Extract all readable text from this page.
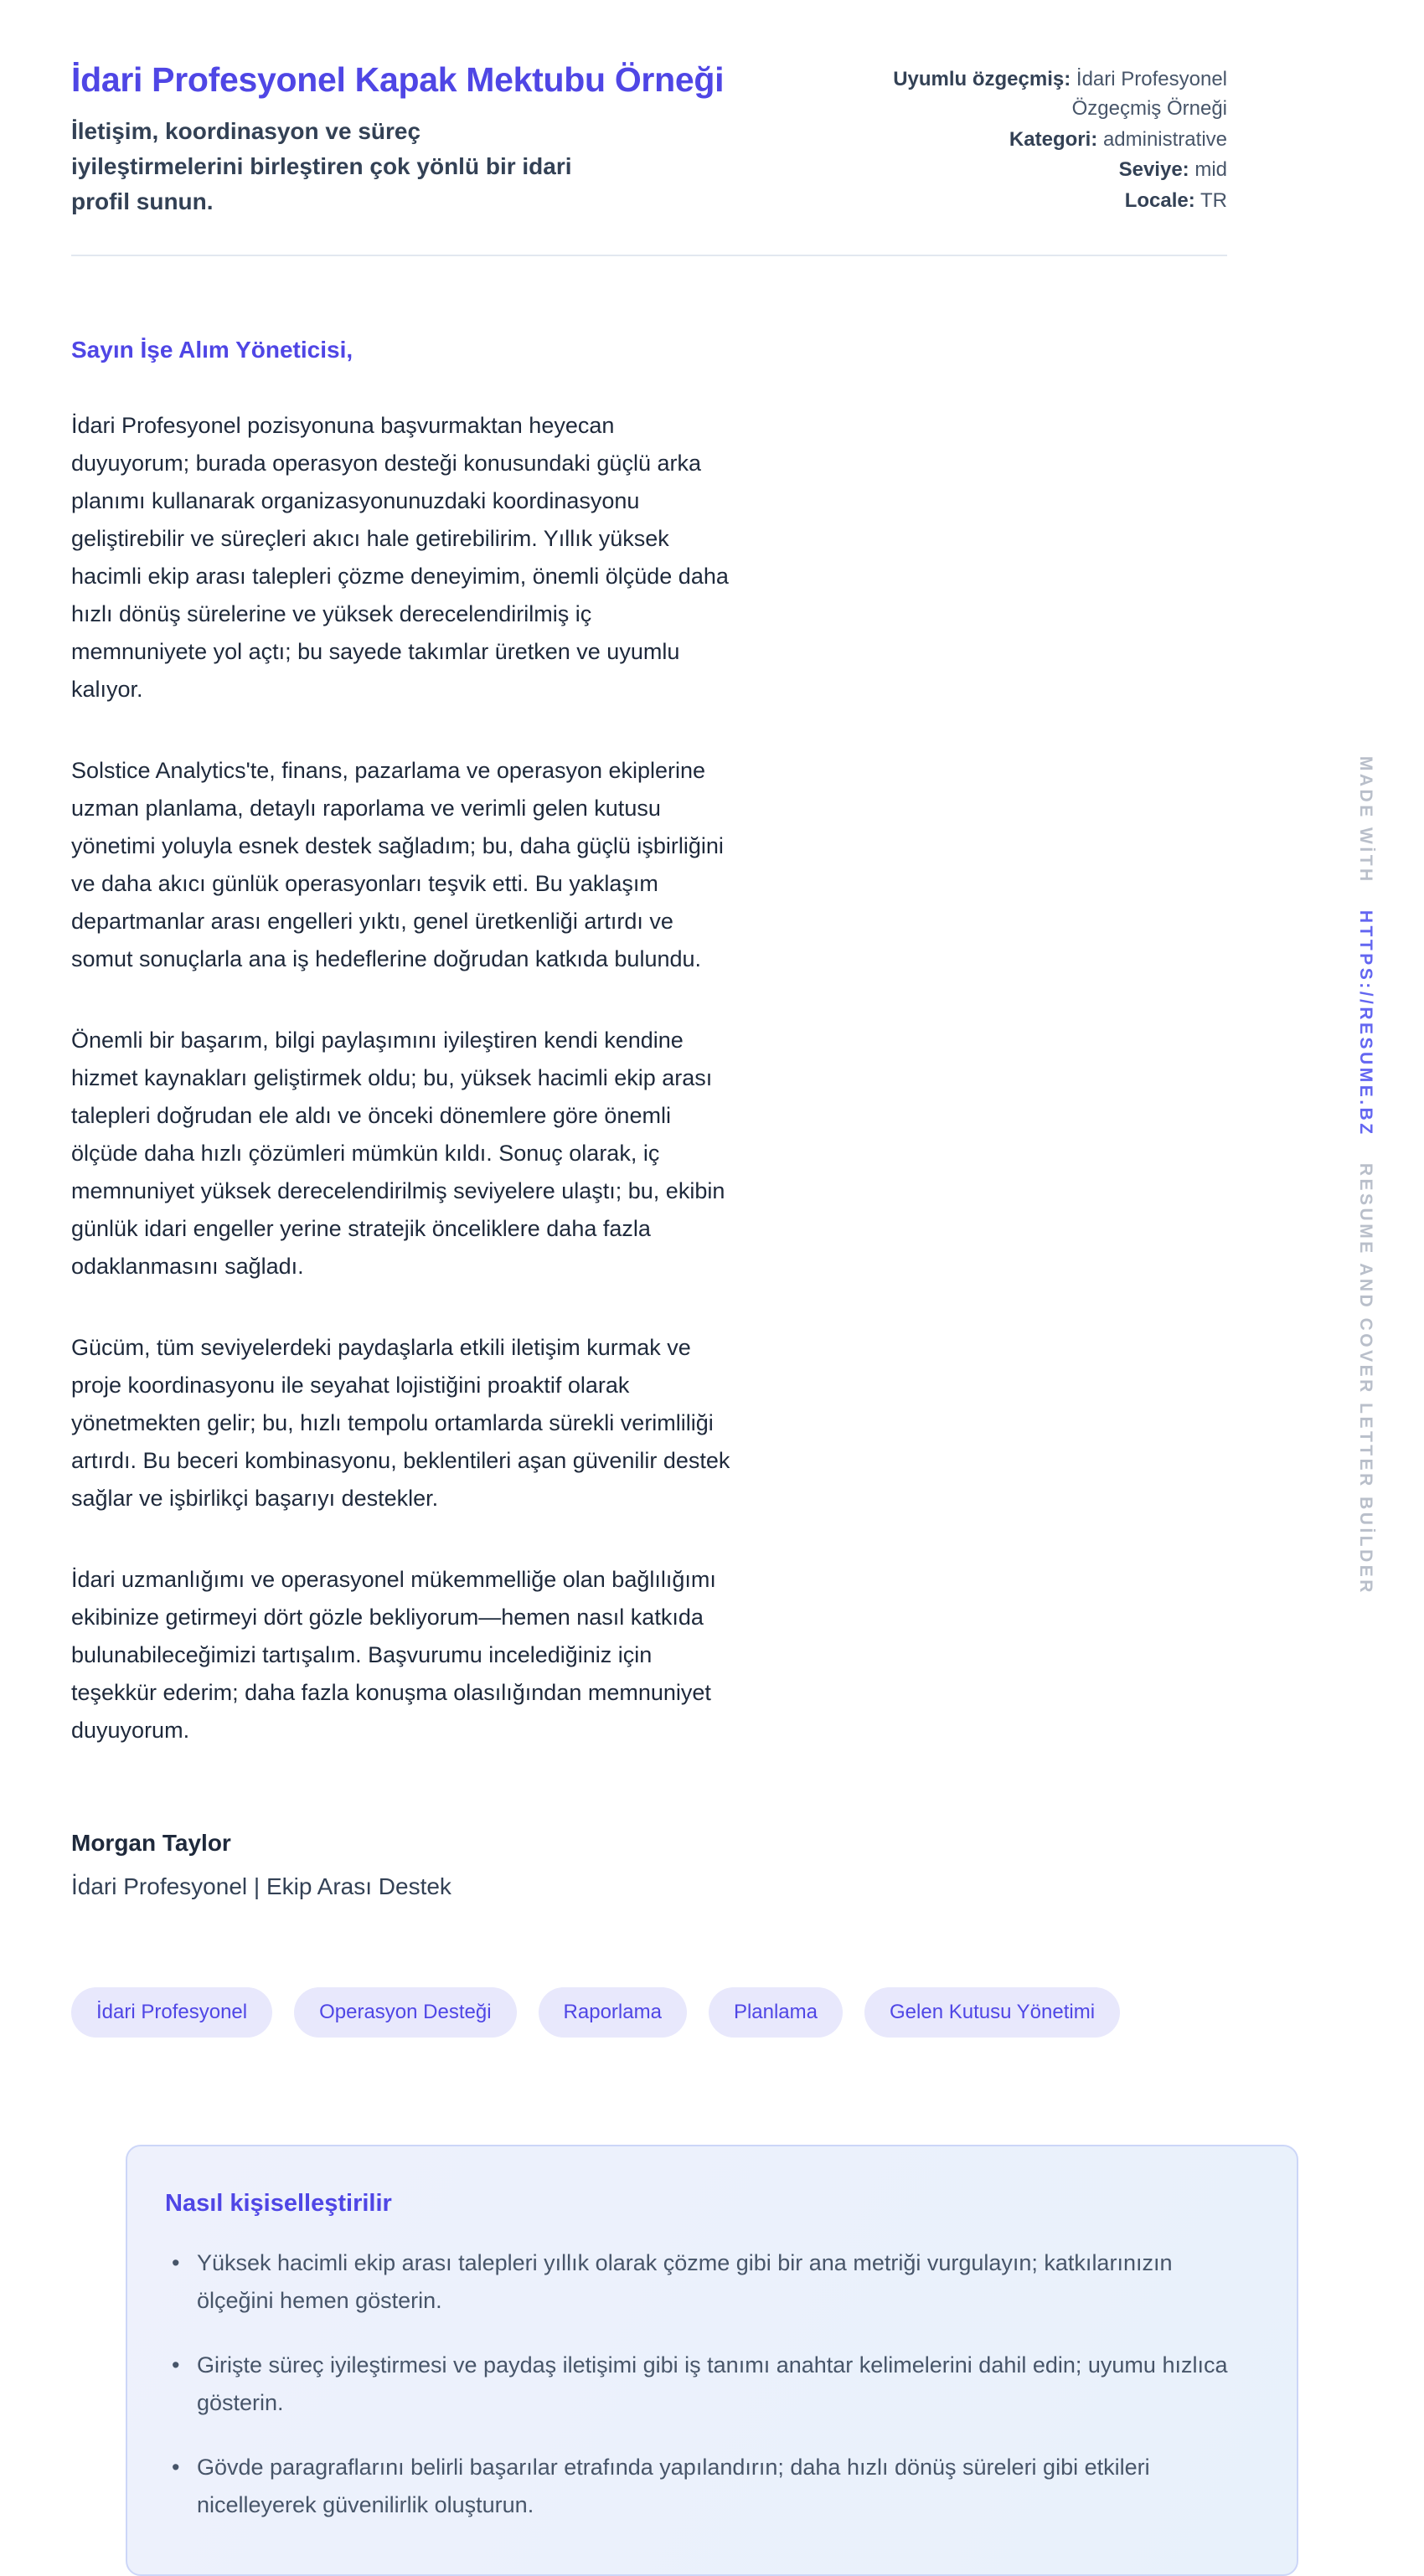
İdari Profesyonel Kapak Mektubu Örneği
İletişim, koordinasyon ve süreç iyileştirmelerini birleştiren çok yönlü bir idari profil sunun.
Uyumlu özgeçmiş: İdari Profesyonel Özgeçmiş Örneği
Kategori: administrative
Seviye: mid
Locale: TR
Sayın İşe Alım Yöneticisi,

İdari Profesyonel pozisyonuna başvurmaktan heyecan duyuyorum; burada operasyon desteği konusundaki güçlü arka planımı kullanarak organizasyonunuzdaki koordinasyonu geliştirebilir ve süreçleri akıcı hale getirebilirim. Yıllık yüksek hacimli ekip arası talepleri çözme deneyimim, önemli ölçüde daha hızlı dönüş sürelerine ve yüksek derecelendirilmiş iç memnuniyete yol açtı; bu sayede takımlar üretken ve uyumlu kalıyor.

Solstice Analytics'te, finans, pazarlama ve operasyon ekiplerine uzman planlama, detaylı raporlama ve verimli gelen kutusu yönetimi yoluyla esnek destek sağladım; bu, daha güçlü işbirliğini ve daha akıcı günlük operasyonları teşvik etti. Bu yaklaşım departmanlar arası engelleri yıktı, genel üretkenliği artırdı ve somut sonuçlarla ana iş hedeflerine doğrudan katkıda bulundu.

Önemli bir başarım, bilgi paylaşımını iyileştiren kendi kendine hizmet kaynakları geliştirmek oldu; bu, yüksek hacimli ekip arası talepleri doğrudan ele aldı ve önceki dönemlere göre önemli ölçüde daha hızlı çözümleri mümkün kıldı. Sonuç olarak, iç memnuniyet yüksek derecelendirilmiş seviyelere ulaştı; bu, ekibin günlük idari engeller yerine stratejik önceliklere daha fazla odaklanmasını sağladı.

Gücüm, tüm seviyelerdeki paydaşlarla etkili iletişim kurmak ve proje koordinasyonu ile seyahat lojistiğini proaktif olarak yönetmekten gelir; bu, hızlı tempolu ortamlarda sürekli verimliliği artırdı. Bu beceri kombinasyonu, beklentileri aşan güvenilir destek sağlar ve işbirlikçi başarıyı destekler.

İdari uzmanlığımı ve operasyonel mükemmelliğe olan bağlılığımı ekibinize getirmeyi dört gözle bekliyorum—hemen nasıl katkıda bulunabileceğimizi tartışalım. Başvurumu incelediğiniz için teşekkür ederim; daha fazla konuşma olasılığından memnuniyet duyuyorum.

Morgan Taylor
İdari Profesyonel | Ekip Arası Destek
İdari Profesyonel	Operasyon Desteği	Raporlama	Planlama	Gelen Kutusu Yönetimi
Nasıl kişiselleştirilir
• Yüksek hacimli ekip arası talepleri yıllık olarak çözme gibi bir ana metriği vurgulayın; katkılarınızın ölçeğini hemen gösterin.
• Girişte süreç iyileştirmesi ve paydaş iletişimi gibi iş tanımı anahtar kelimelerini dahil edin; uyumu hızlıca gösterin.
• Gövde paragraflarını belirli başarılar etrafında yapılandırın; daha hızlı dönüş süreleri gibi etkileri nicelleyerek güvenilirlik oluşturun.
MADE WİTH HTTPS://RESUME.BZ RESUME AND COVER LETTER BUİLDER
